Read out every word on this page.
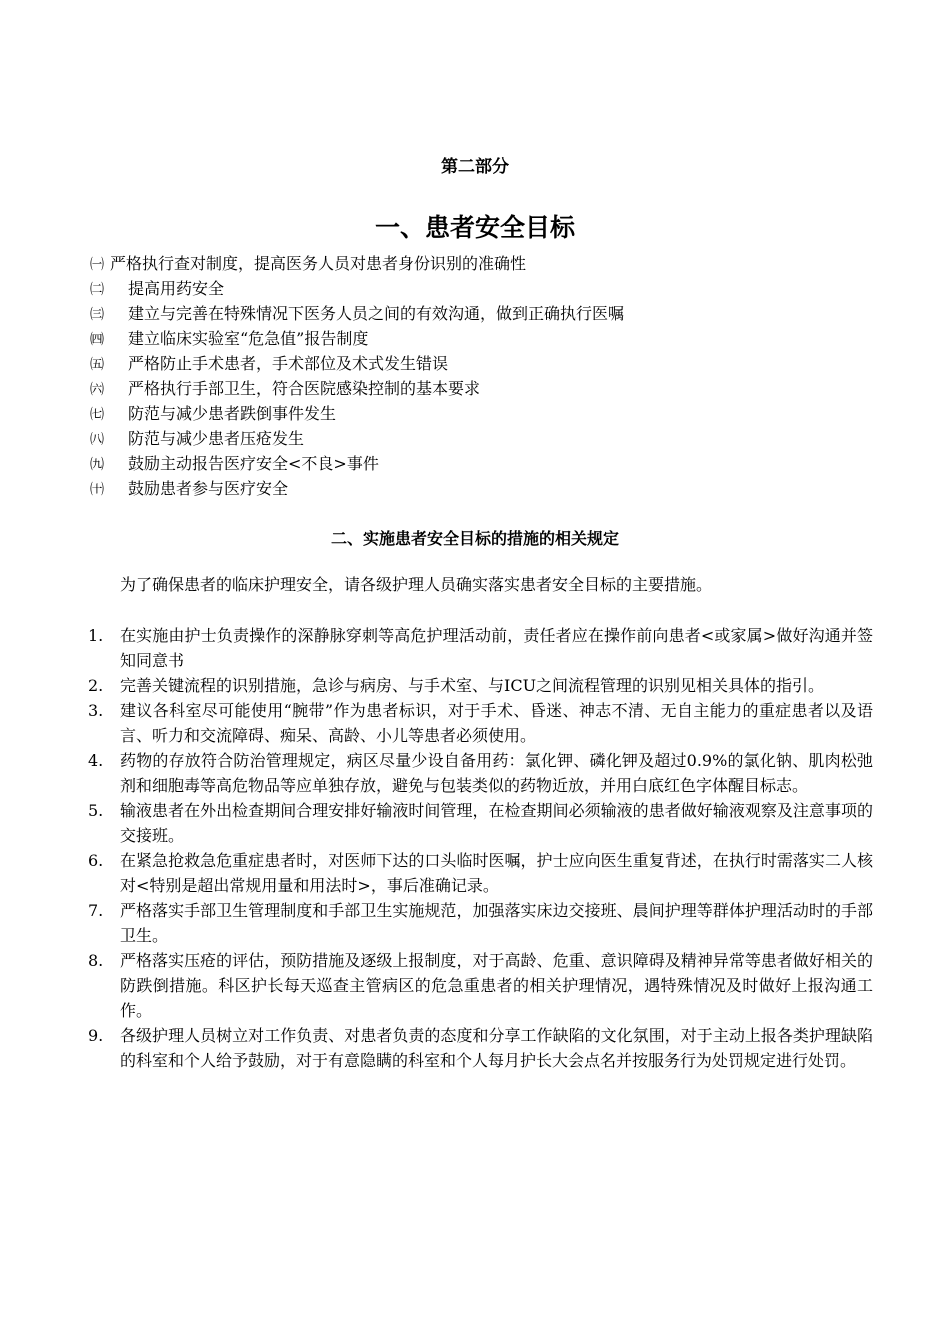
第二部分
一、患者安全目标
㈠ 严格执行查对制度，提高医务人员对患者身份识别的准确性
㈡ 提高用药安全
㈢ 建立与完善在特殊情况下医务人员之间的有效沟通，做到正确执行医嘱
㈣ 建立临床实验室“危急值”报告制度
㈤ 严格防止手术患者，手术部位及术式发生错误
㈥ 严格执行手部卫生，符合医院感染控制的基本要求
㈦ 防范与减少患者跌倒事件发生
㈧ 防范与减少患者压疮发生
㈨ 鼓励主动报告医疗安全<不良>事件
㈩ 鼓励患者参与医疗安全
二、实施患者安全目标的措施的相关规定
为了确保患者的临床护理安全，请各级护理人员确实落实患者安全目标的主要措施。
1.	在实施由护士负责操作的深静脉穿刺等高危护理活动前，责任者应在操作前向患者<或家属>做好沟通并签知同意书
2.	完善关键流程的识别措施，急诊与病房、与手术室、与ICU之间流程管理的识别见相关具体的指引。
3.	建议各科室尽可能使用“腕带”作为患者标识，对于手术、昏迷、神志不清、无自主能力的重症患者以及语言、听力和交流障碍、痴呆、高龄、小儿等患者必须使用。
4.	药物的存放符合防治管理规定，病区尽量少设自备用药：氯化钾、磷化钾及超过0.9%的氯化钠、肌肉松弛剂和细胞毒等高危物品等应单独存放，避免与包装类似的药物近放，并用白底红色字体醒目标志。
5.	输液患者在外出检查期间合理安排好输液时间管理，在检查期间必须输液的患者做好输液观察及注意事项的交接班。
6.	在紧急抢救急危重症患者时，对医师下达的口头临时医嘱，护士应向医生重复背述，在执行时需落实二人核对<特别是超出常规用量和用法时>，事后准确记录。
7.	严格落实手部卫生管理制度和手部卫生实施规范，加强落实床边交接班、晨间护理等群体护理活动时的手部卫生。
8.	严格落实压疮的评估，预防措施及逐级上报制度，对于高龄、危重、意识障碍及精神异常等患者做好相关的防跌倒措施。科区护长每天巡查主管病区的危急重患者的相关护理情况，遇特殊情况及时做好上报沟通工作。
9.	各级护理人员树立对工作负责、对患者负责的态度和分享工作缺陷的文化氛围，对于主动上报各类护理缺陷的科室和个人给予鼓励，对于有意隐瞒的科室和个人每月护长大会点名并按服务行为处罚规定进行处罚。
